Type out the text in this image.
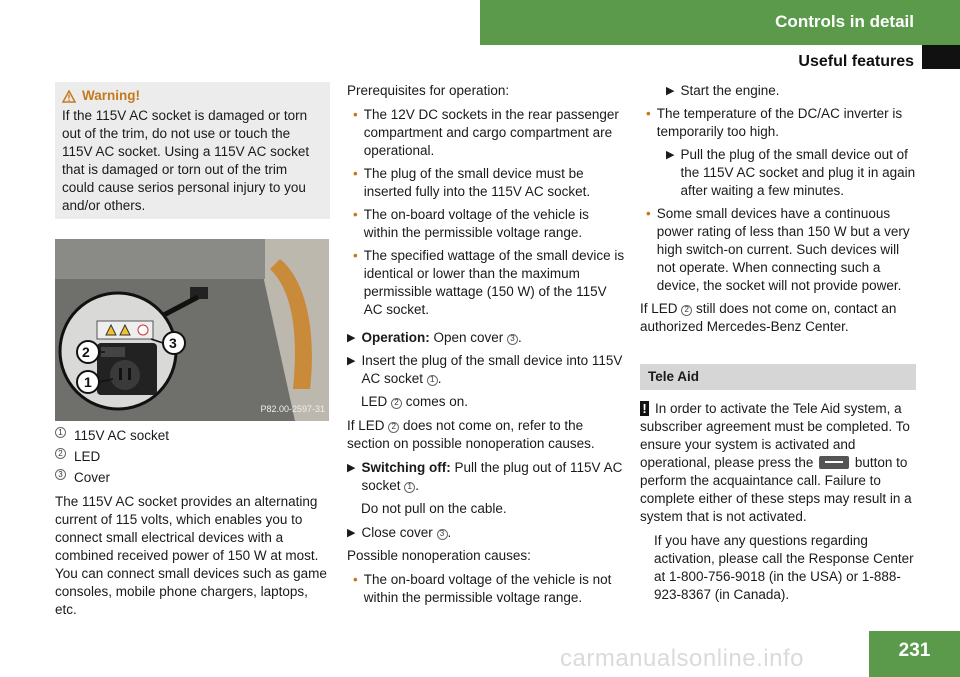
Controls in detail
Useful features
Warning!
If the 115V AC socket is damaged or torn out of the trim, do not use or touch the 115V AC socket. Using a 115V AC socket that is damaged or torn out of the trim could cause serios personal injury to you and/or others.
2
1
3
P82.00-2597-31
1 115V AC socket
2 LED
3 Cover

The 115V AC socket provides an alternating current of 115 volts, which enables you to connect small electrical devices with a combined received power of 150 W at most. You can connect small devices such as game consoles, mobile phone chargers, laptops, etc.

Prerequisites for operation:

• The 12V DC sockets in the rear passenger compartment and cargo compartment are operational.
• The plug of the small device must be inserted fully into the 115V AC socket.
• The on-board voltage of the vehicle is within the permissible voltage range.
• The specified wattage of the small device is identical or lower than the maximum permissible wattage (150 W) of the 115V AC socket.
▶ Operation: Open cover 3 .
▶ Insert the plug of the small device into 115V AC socket 1 .

LED 2 comes on.

If LED 2 does not come on, refer to the section on possible nonoperation causes.

▶ Switching off: Pull the plug out of 115V AC socket 1 .

Do not pull on the cable.

▶ Close cover 3 .

Possible nonoperation causes:

• The on-board voltage of the vehicle is not within the permissible voltage range.
▶ Start the engine.
• The temperature of the DC/AC inverter is temporarily too high.
▶ Pull the plug of the small device out of the 115V AC socket and plug it in again after waiting a few minutes.
• Some small devices have a continuous power rating of less than 150 W but a very high switch-on current. Such devices will not operate. When connecting such a device, the socket will not provide power.

If LED 2 still does not come on, contact an authorized Mercedes-Benz Center.

Tele Aid

! In order to activate the Tele Aid system, a subscriber agreement must be completed. To ensure your system is activated and operational, please press the	button to perform the acquaintance call. Failure to complete either of these steps may result in a system that is not activated.

If you have any questions regarding activation, please call the Response Center at 1-800-756-9018 (in the USA) or 1-888-923-8367 (in Canada).

231
carmanualsonline.info
